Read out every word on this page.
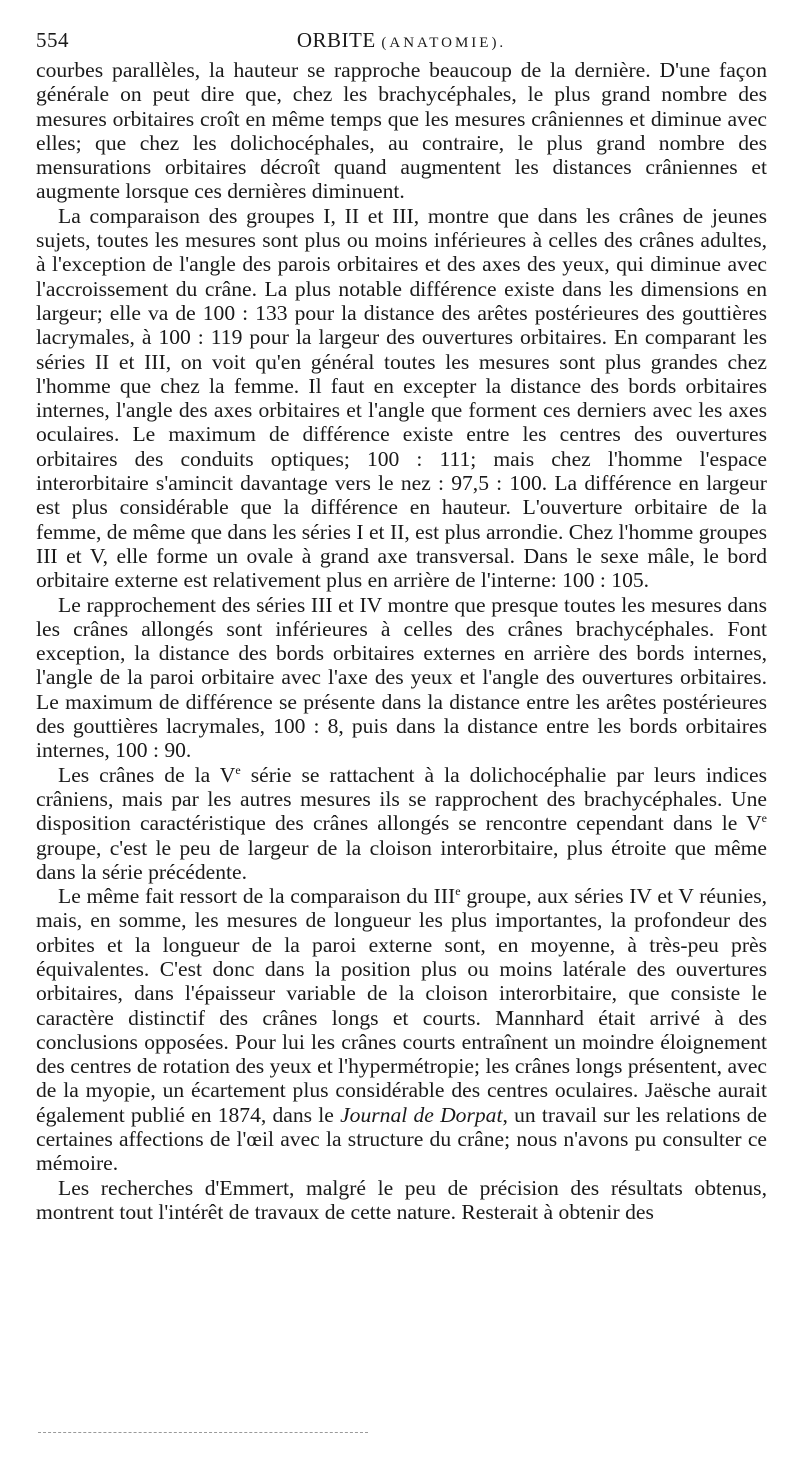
554	ORBITE (ANATOMIE).

courbes parallèles, la hauteur se rapproche beaucoup de la dernière. D'une façon générale on peut dire que, chez les brachycéphales, le plus grand nombre des mesures orbitaires croît en même temps que les mesures crâniennes et diminue avec elles; que chez les dolichocéphales, au contraire, le plus grand nombre des mensurations orbitaires décroît quand augmentent les distances crâniennes et augmente lorsque ces dernières diminuent.

La comparaison des groupes I, II et III, montre que dans les crânes de jeunes sujets, toutes les mesures sont plus ou moins inférieures à celles des crânes adultes, à l'exception de l'angle des parois orbitaires et des axes des yeux, qui diminue avec l'accroissement du crâne. La plus notable différence existe dans les dimensions en largeur; elle va de 100 : 133 pour la distance des arêtes postérieures des gouttières lacrymales, à 100 : 119 pour la largeur des ouvertures orbitaires. En comparant les séries II et III, on voit qu'en général toutes les mesures sont plus grandes chez l'homme que chez la femme. Il faut en excepter la distance des bords orbitaires internes, l'angle des axes orbitaires et l'angle que forment ces derniers avec les axes oculaires. Le maximum de différence existe entre les centres des ouvertures orbitaires des conduits optiques; 100 : 111; mais chez l'homme l'espace interorbitaire s'amincit davantage vers le nez : 97,5 : 100. La différence en largeur est plus considérable que la différence en hauteur. L'ouverture orbitaire de la femme, de même que dans les séries I et II, est plus arrondie. Chez l'homme groupes III et V, elle forme un ovale à grand axe transversal. Dans le sexe mâle, le bord orbitaire externe est relativement plus en arrière de l'interne: 100 : 105.

Le rapprochement des séries III et IV montre que presque toutes les mesures dans les crânes allongés sont inférieures à celles des crânes brachycéphales. Font exception, la distance des bords orbitaires externes en arrière des bords internes, l'angle de la paroi orbitaire avec l'axe des yeux et l'angle des ouvertures orbitaires. Le maximum de différence se présente dans la distance entre les arêtes postérieures des gouttières lacrymales, 100 : 8, puis dans la distance entre les bords orbitaires internes, 100 : 90.

Les crânes de la Ve série se rattachent à la dolichocéphalie par leurs indices crâniens, mais par les autres mesures ils se rapprochent des brachycéphales. Une disposition caractéristique des crânes allongés se rencontre cependant dans le Ve groupe, c'est le peu de largeur de la cloison interorbitaire, plus étroite que même dans la série précédente.

Le même fait ressort de la comparaison du IIIe groupe, aux séries IV et V réunies, mais, en somme, les mesures de longueur les plus importantes, la profondeur des orbites et la longueur de la paroi externe sont, en moyenne, à très-peu près équivalentes. C'est donc dans la position plus ou moins latérale des ouvertures orbitaires, dans l'épaisseur variable de la cloison interorbitaire, que consiste le caractère distinctif des crânes longs et courts. Mannhard était arrivé à des conclusions opposées. Pour lui les crânes courts entraînent un moindre éloignement des centres de rotation des yeux et l'hypermétropie; les crânes longs présentent, avec de la myopie, un écartement plus considérable des centres oculaires. Jaësche aurait également publié en 1874, dans le Journal de Dorpat, un travail sur les relations de certaines affections de l'œil avec la structure du crâne; nous n'avons pu consulter ce mémoire.

Les recherches d'Emmert, malgré le peu de précision des résultats obtenus, montrent tout l'intérêt de travaux de cette nature. Resterait à obtenir des
